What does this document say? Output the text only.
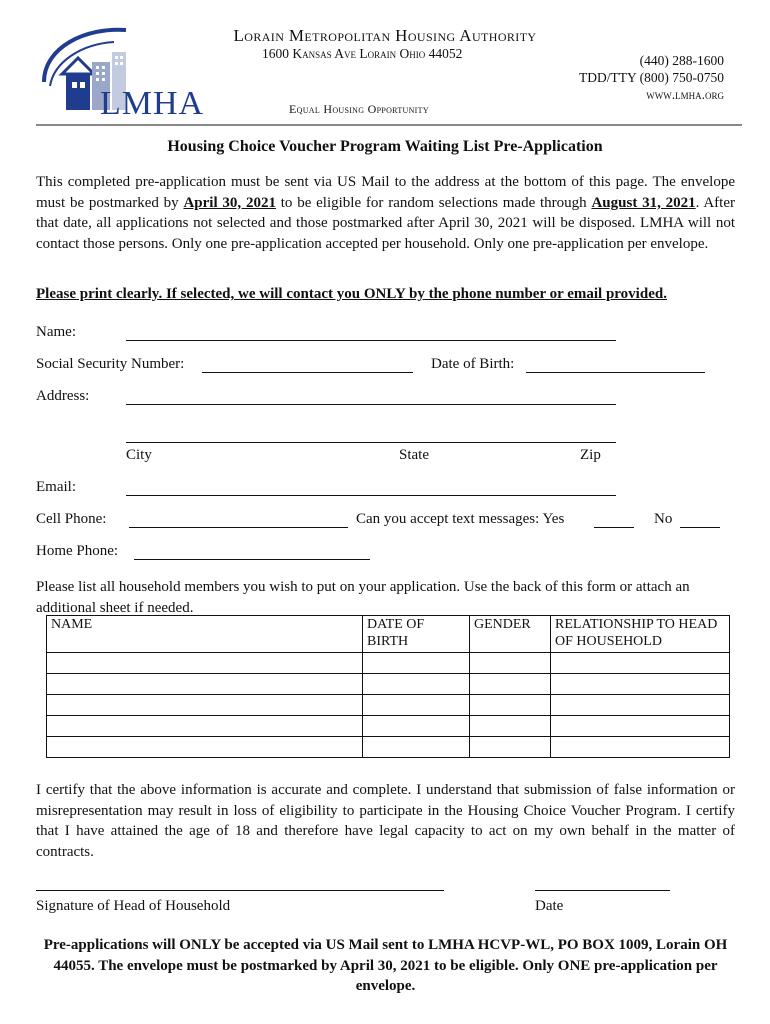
LMHA
Lorain Metropolitan Housing Authority
1600 Kansas Ave Lorain Ohio 44052	(440) 288-1600
TDD/TTY (800) 750-0750
www.lmha.org
Equal Housing Opportunity
Housing Choice Voucher Program Waiting List Pre-Application
This completed pre-application must be sent via US Mail to the address at the bottom of this page. The envelope must be postmarked by April 30, 2021 to be eligible for random selections made through August 31, 2021. After that date, all applications not selected and those postmarked after April 30, 2021 will be disposed. LMHA will not contact those persons. Only one pre-application accepted per household. Only one pre-application per envelope.
Please print clearly. If selected, we will contact you ONLY by the phone number or email provided.
Name:
Social Security Number:	Date of Birth:
Address:
City	State	Zip
Email:
Cell Phone:	Can you accept text messages: Yes	No
Home Phone:
Please list all household members you wish to put on your application. Use the back of this form or attach an additional sheet if needed.
NAME	DATE OF BIRTH	GENDER	RELATIONSHIP TO HEAD OF HOUSEHOLD

I certify that the above information is accurate and complete. I understand that submission of false information or misrepresentation may result in loss of eligibility to participate in the Housing Choice Voucher Program. I certify that I have attained the age of 18 and therefore have legal capacity to act on my own behalf in the matter of contracts.
Signature of Head of Household	Date
Pre-applications will ONLY be accepted via US Mail sent to LMHA HCVP-WL, PO BOX 1009, Lorain OH 44055. The envelope must be postmarked by April 30, 2021 to be eligible. Only ONE pre-application per envelope.
